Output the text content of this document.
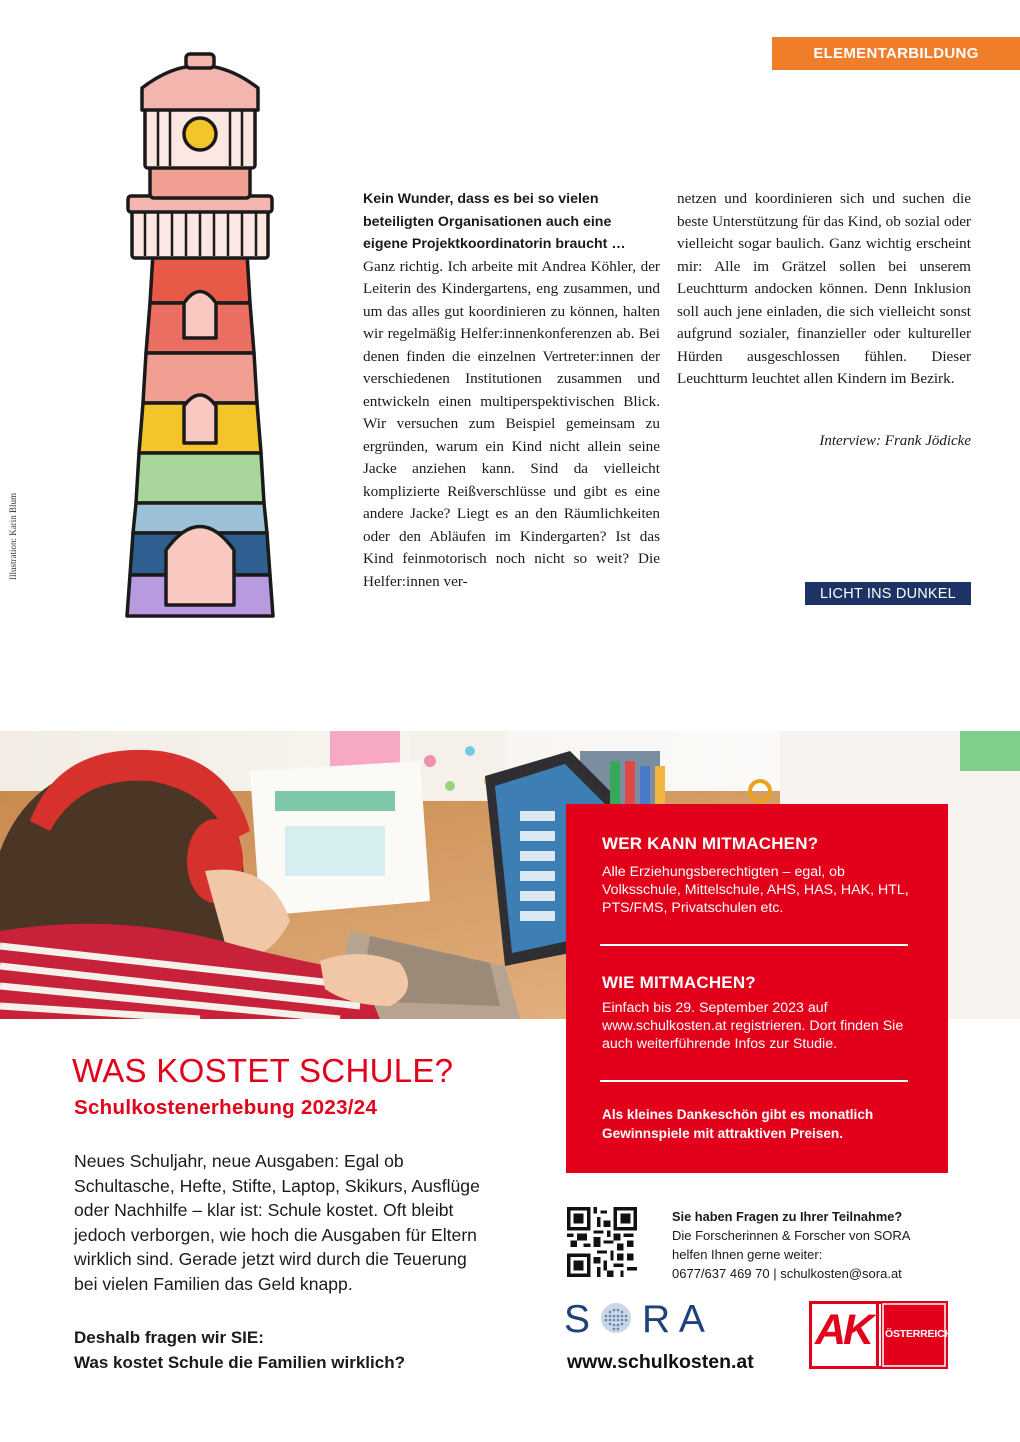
ELEMENTARBILDUNG
Illustration: Karin Blum
Kein Wunder, dass es bei so vielen beteiligten Organisationen auch eine eigene Projektkoordinatorin braucht …
Ganz richtig. Ich arbeite mit Andrea Köhler, der Leiterin des Kindergartens, eng zusammen, und um das alles gut koordinieren zu können, halten wir regelmäßig Helfer:innenkonferenzen ab. Bei denen finden die einzelnen Vertreter:innen der verschiedenen Institutionen zusammen und entwickeln einen multiperspektivischen Blick. Wir versuchen zum Beispiel gemeinsam zu ergründen, warum ein Kind nicht allein seine Jacke anziehen kann. Sind da vielleicht komplizierte Reißverschlüsse und gibt es eine andere Jacke? Liegt es an den Räumlichkeiten oder den Abläufen im Kindergarten? Ist das Kind feinmotorisch noch nicht so weit? Die Helfer:innen ver-
netzen und koordinieren sich und suchen die beste Unterstützung für das Kind, ob sozial oder vielleicht sogar baulich. Ganz wichtig erscheint mir: Alle im Grätzel sollen bei unserem Leuchtturm andocken können. Denn Inklusion soll auch jene einladen, die sich vielleicht sonst aufgrund sozialer, finanzieller oder kultureller Hürden ausgeschlossen fühlen. Dieser Leuchtturm leuchtet allen Kindern im Bezirk.
Interview: Frank Jödicke
LICHT INS DUNKEL
WER KANN MITMACHEN?
Alle Erziehungsberechtigten – egal, ob Volksschule, Mittelschule, AHS, HAS, HAK, HTL, PTS/FMS, Privatschulen etc.
WIE MITMACHEN?
Einfach bis 29. September 2023 auf www.schulkosten.at registrieren. Dort finden Sie auch weiterführende Infos zur Studie.
Als kleines Dankeschön gibt es monatlich Gewinnspiele mit attraktiven Preisen.
WAS KOSTET SCHULE?
Schulkostenerhebung 2023/24
Neues Schuljahr, neue Ausgaben: Egal ob Schultasche, Hefte, Stifte, Laptop, Skikurs, Ausflüge oder Nachhilfe – klar ist: Schule kostet. Oft bleibt jedoch verborgen, wie hoch die Ausgaben für Eltern wirklich sind. Gerade jetzt wird durch die Teuerung bei vielen Familien das Geld knapp.
Deshalb fragen wir SIE:
Was kostet Schule die Familien wirklich?
Sie haben Fragen zu Ihrer Teilnahme?
Die Forscherinnen & Forscher von SORA
helfen Ihnen gerne weiter:
0677/637 469 70 | schulkosten@sora.at
S R A
www.schulkosten.at
AK ÖSTERREICH
